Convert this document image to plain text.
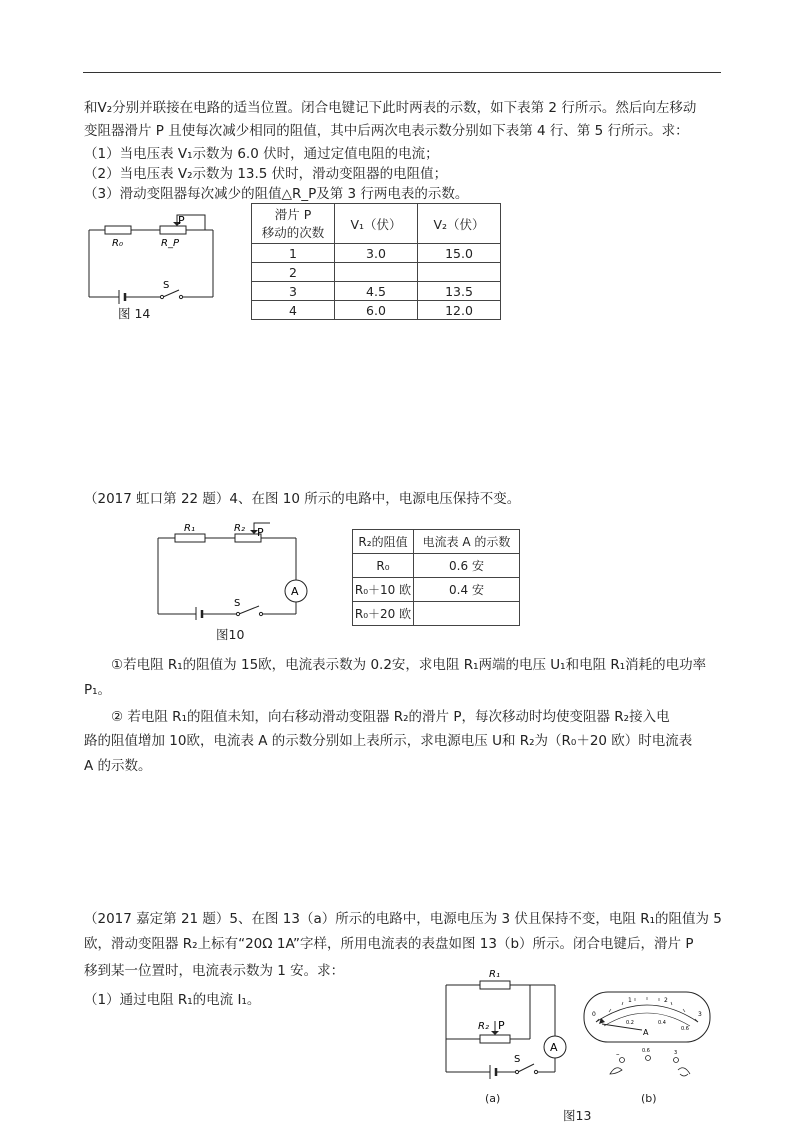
和V₂分别并联接在电路的适当位置。闭合电键记下此时两表的示数，如下表第 2 行所示。然后向左移动
变阻器滑片 P 且使每次减少相同的阻值，其中后两次电表示数分别如下表第 4 行、第 5 行所示。求：
（1）当电压表 V₁示数为 6.0 伏时，通过定值电阻的电流；
（2）当电压表 V₂示数为 13.5 伏时，滑动变阻器的电阻值；
（3）滑动变阻器每次减少的阻值△R_P及第 3 行两电表的示数。
R₀	R_P
P
S
图 14
滑片 P
移动的次数	V₁（伏）	V₂（伏）
1	3.0	15.0
2		
3	4.5	13.5
4	6.0	12.0
（2017 虹口第 22 题）4、在图 10 所示的电路中，电源电压保持不变。
R₁	R₂ P
A
S
图10
R₂的阻值	电流表 A 的示数
R₀	0.6 安
R₀＋10 欧	0.4 安
R₀＋20 欧	
①若电阻 R₁的阻值为 15欧，电流表示数为 0.2安，求电阻 R₁两端的电压 U₁和电阻 R₁消耗的电功率
P₁。
② 若电阻 R₁的阻值未知，向右移动滑动变阻器 R₂的滑片 P，每次移动时均使变阻器 R₂接入电
路的阻值增加 10欧，电流表 A 的示数分别如上表所示，求电源电压 U和 R₂为（R₀＋20 欧）时电流表
A 的示数。
（2017 嘉定第 21 题）5、在图 13（a）所示的电路中，电源电压为 3 伏且保持不变，电阻 R₁的阻值为 5
欧，滑动变阻器 R₂上标有“20Ω 1A”字样，所用电流表的表盘如图 13（b）所示。闭合电键后，滑片 P
移到某一位置时，电流表示数为 1 安。求：
（1）通过电阻 R₁的电流 I₁。
R₁
R₂ P
A
S
0
1	2
3
0.2	0.4
0.6
A
–	0.6	3
(a)	(b)
图13
